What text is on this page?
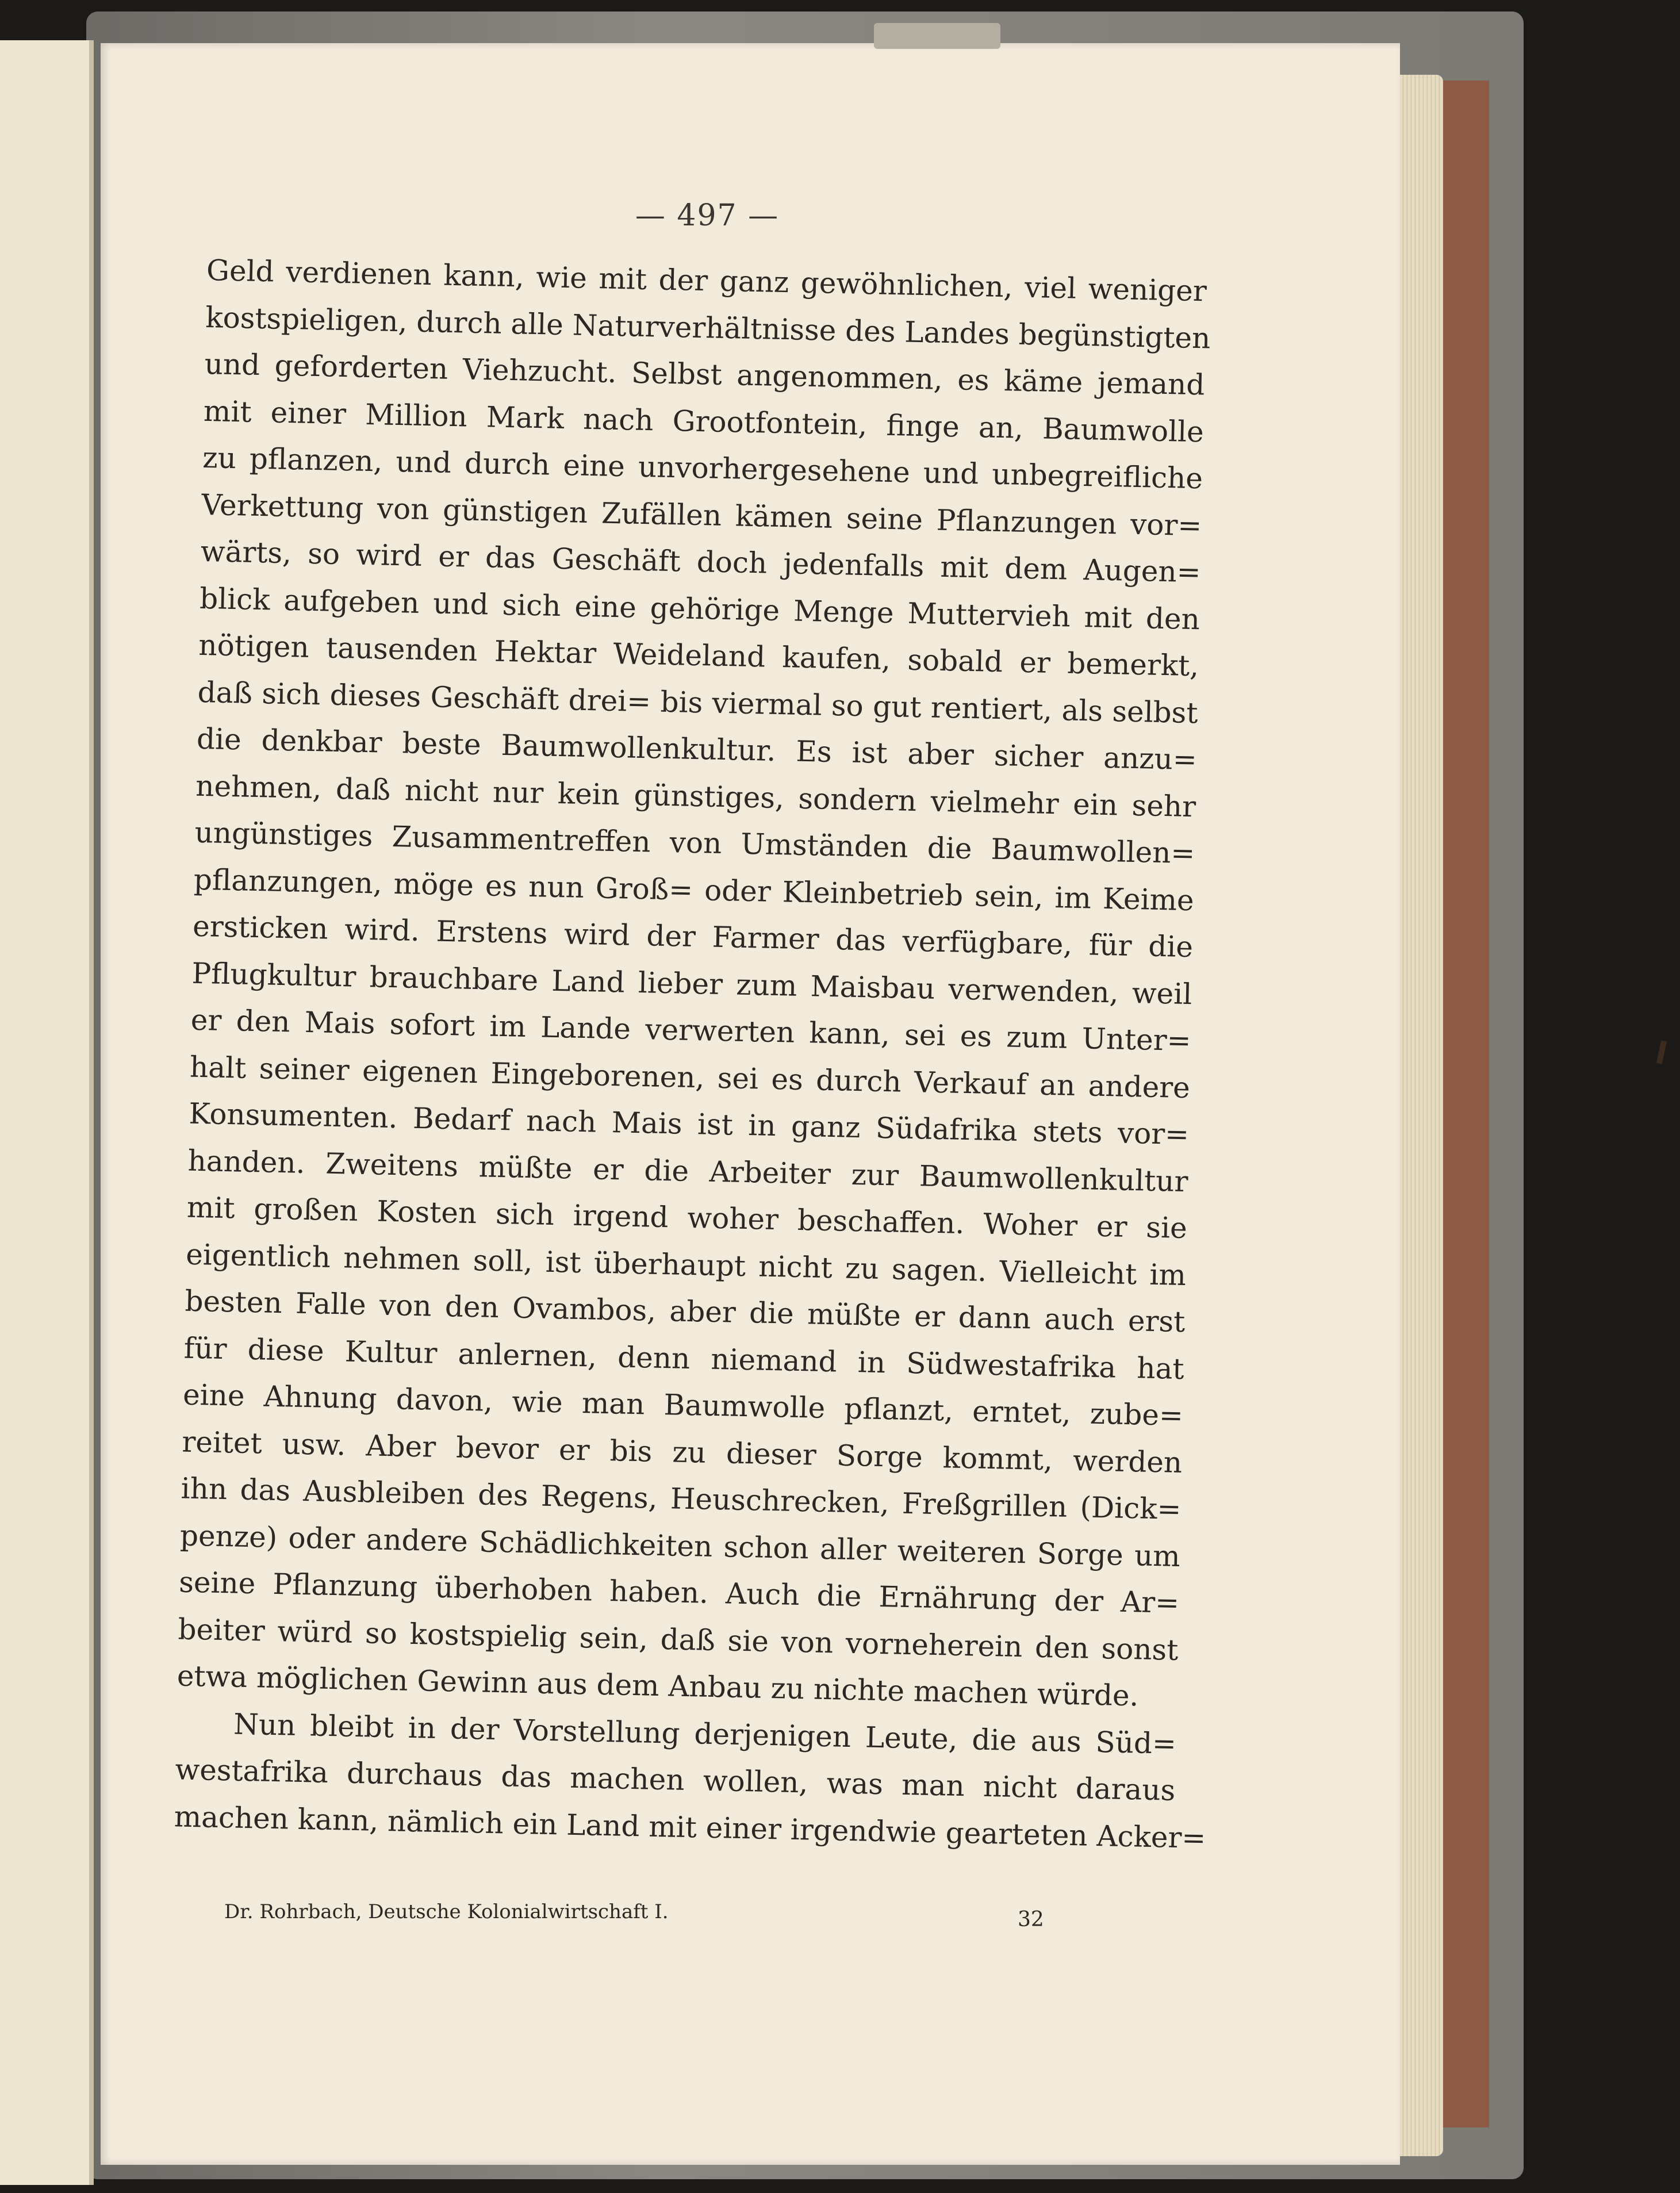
— 497 —
Geld verdienen kann, wie mit der ganz gewöhnlichen, viel weniger
kostspieligen, durch alle Naturverhältnisse des Landes begünstigten
und geforderten Viehzucht. Selbst angenommen, es käme jemand
mit einer Million Mark nach Grootfontein, finge an, Baumwolle
zu pflanzen, und durch eine unvorhergesehene und unbegreifliche
Verkettung von günstigen Zufällen kämen seine Pflanzungen vor=
wärts, so wird er das Geschäft doch jedenfalls mit dem Augen=
blick aufgeben und sich eine gehörige Menge Muttervieh mit den
nötigen tausenden Hektar Weideland kaufen, sobald er bemerkt,
daß sich dieses Geschäft drei= bis viermal so gut rentiert, als selbst
die denkbar beste Baumwollenkultur. Es ist aber sicher anzu=
nehmen, daß nicht nur kein günstiges, sondern vielmehr ein sehr
ungünstiges Zusammentreffen von Umständen die Baumwollen=
pflanzungen, möge es nun Groß= oder Kleinbetrieb sein, im Keime
ersticken wird. Erstens wird der Farmer das verfügbare, für die
Pflugkultur brauchbare Land lieber zum Maisbau verwenden, weil
er den Mais sofort im Lande verwerten kann, sei es zum Unter=
halt seiner eigenen Eingeborenen, sei es durch Verkauf an andere
Konsumenten. Bedarf nach Mais ist in ganz Südafrika stets vor=
handen. Zweitens müßte er die Arbeiter zur Baumwollenkultur
mit großen Kosten sich irgend woher beschaffen. Woher er sie
eigentlich nehmen soll, ist überhaupt nicht zu sagen. Vielleicht im
besten Falle von den Ovambos, aber die müßte er dann auch erst
für diese Kultur anlernen, denn niemand in Südwestafrika hat
eine Ahnung davon, wie man Baumwolle pflanzt, erntet, zube=
reitet usw. Aber bevor er bis zu dieser Sorge kommt, werden
ihn das Ausbleiben des Regens, Heuschrecken, Freßgrillen (Dick=
penze) oder andere Schädlichkeiten schon aller weiteren Sorge um
seine Pflanzung überhoben haben. Auch die Ernährung der Ar=
beiter würd so kostspielig sein, daß sie von vorneherein den sonst
etwa möglichen Gewinn aus dem Anbau zu nichte machen würde.
Nun bleibt in der Vorstellung derjenigen Leute, die aus Süd=
westafrika durchaus das machen wollen, was man nicht daraus
machen kann, nämlich ein Land mit einer irgendwie gearteten Acker=
Dr. Rohrbach, Deutsche Kolonialwirtschaft I.	32
